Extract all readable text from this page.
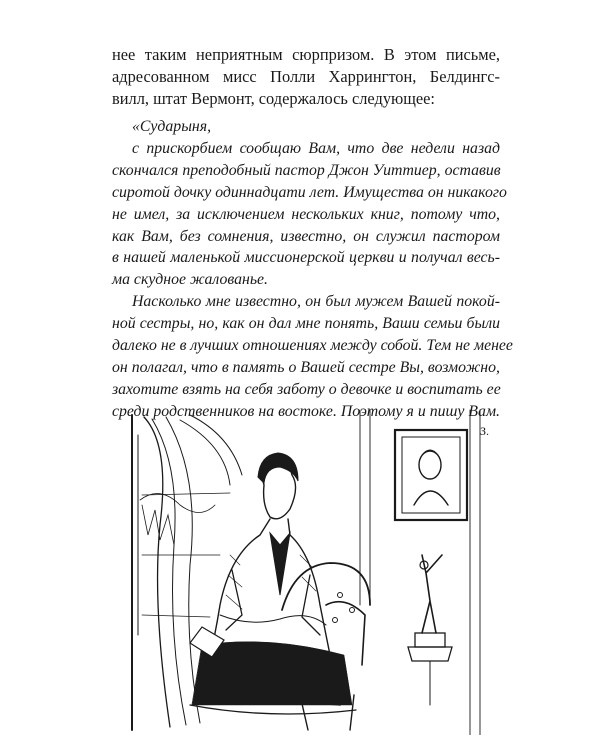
нее таким неприятным сюрпризом. В этом письме,
адресованном мисс Полли Харрингтон, Белдингс-
вилл, штат Вермонт, содержалось следующее:
«Сударыня,
с прискорбием сообщаю Вам, что две недели назад
скончался преподобный пастор Джон Уиттиер, оставив
сиротой дочку одиннадцати лет. Имущества он никакого
не имел, за исключением нескольких книг, потому что,
как Вам, без сомнения, известно, он служил пастором
в нашей маленькой миссионерской церкви и получал весь-
ма скудное жалованье.
Насколько мне известно, он был мужем Вашей покой-
ной сестры, но, как он дал мне понять, Ваши семьи были
далеко не в лучших отношениях между собой. Тем не менее
он полагал, что в память о Вашей сестре Вы, возможно,
захотите взять на себя заботу о девочке и воспитать ее
среди родственников на востоке. Поэтому я и пишу Вам.
З.
